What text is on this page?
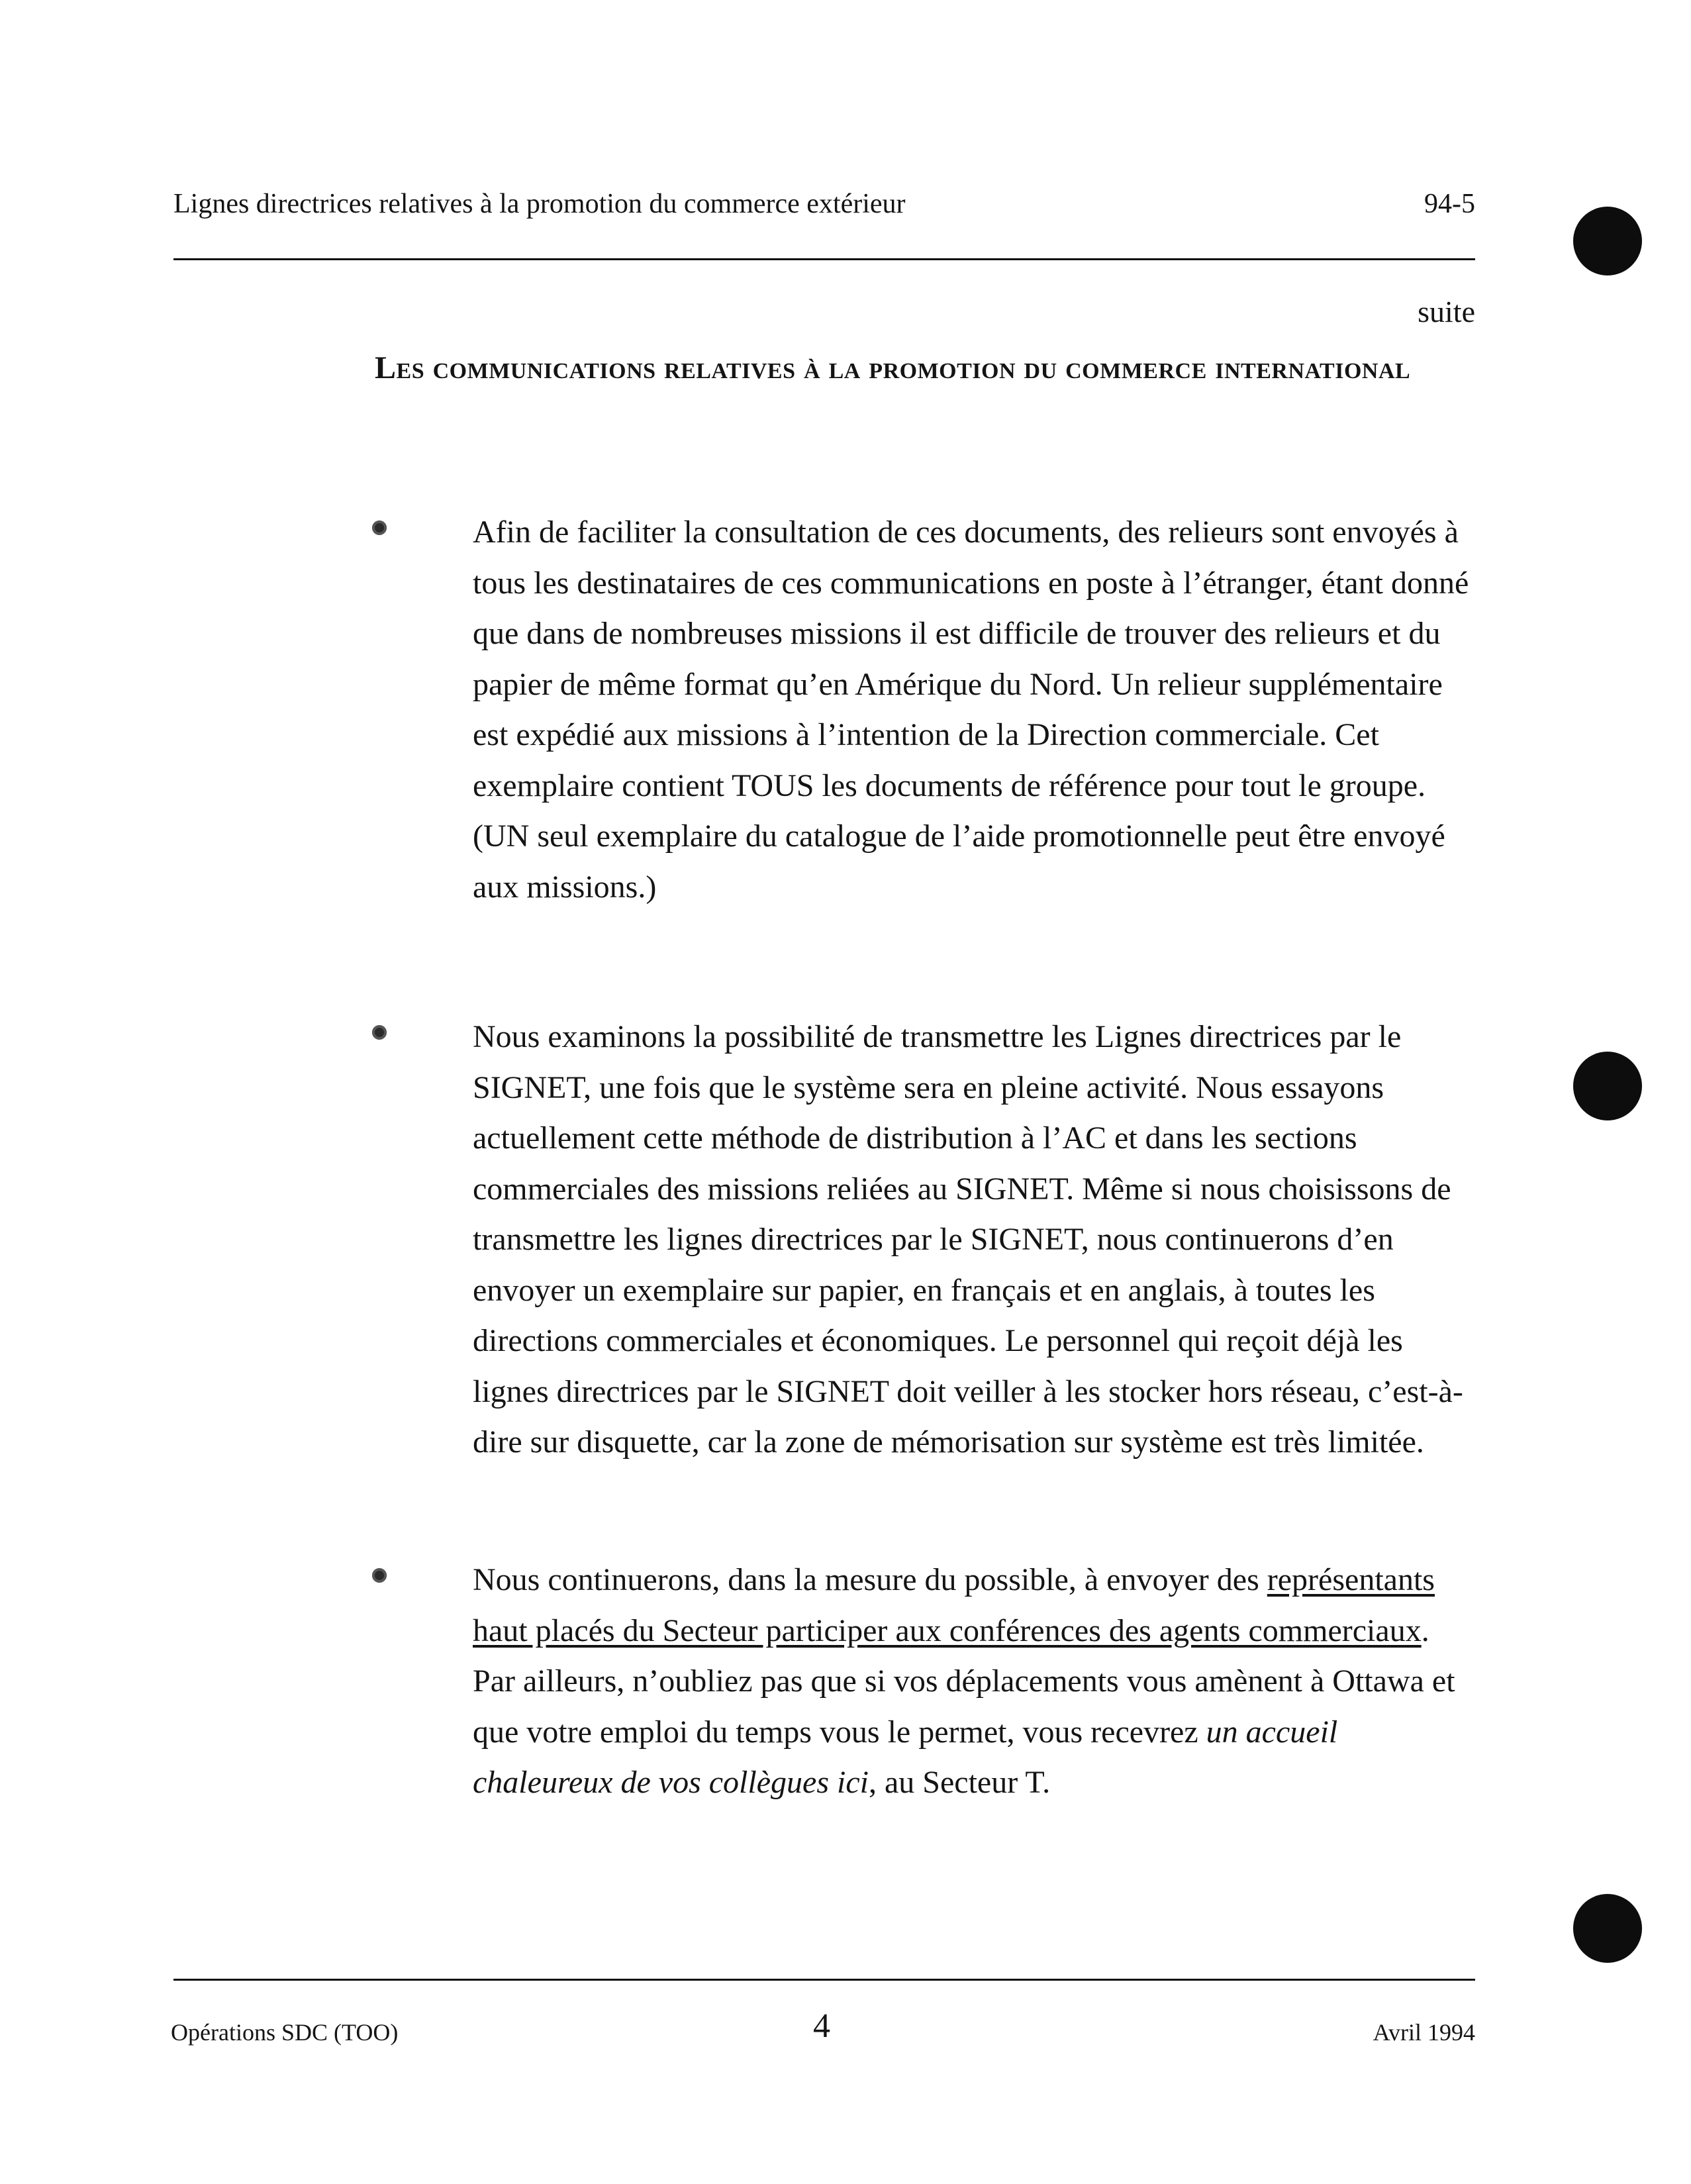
Lignes directrices relatives à la promotion du commerce extérieur	94-5
suite
Les communications relatives à la promotion du commerce international
Afin de faciliter la consultation de ces documents, des relieurs sont envoyés à tous les destinataires de ces communications en poste à l’étranger, étant donné que dans de nombreuses missions il est difficile de trouver des relieurs et du papier de même format qu’en Amérique du Nord. Un relieur supplémentaire est expédié aux missions à l’intention de la Direction commerciale. Cet exemplaire contient TOUS les documents de référence pour tout le groupe. (UN seul exemplaire du catalogue de l’aide promotionnelle peut être envoyé aux missions.)
Nous examinons la possibilité de transmettre les Lignes directrices par le SIGNET, une fois que le système sera en pleine activité. Nous essayons actuellement cette méthode de distribution à l’AC et dans les sections commerciales des missions reliées au SIGNET. Même si nous choisissons de transmettre les lignes directrices par le SIGNET, nous continuerons d’en envoyer un exemplaire sur papier, en français et en anglais, à toutes les directions commerciales et économiques. Le personnel qui reçoit déjà les lignes directrices par le SIGNET doit veiller à les stocker hors réseau, c’est-à-dire sur disquette, car la zone de mémorisation sur système est très limitée.
Nous continuerons, dans la mesure du possible, à envoyer des représentants haut placés du Secteur participer aux conférences des agents commerciaux. Par ailleurs, n’oubliez pas que si vos déplacements vous amènent à Ottawa et que votre emploi du temps vous le permet, vous recevrez un accueil chaleureux de vos collègues ici, au Secteur T.
Opérations SDC (TOO)	4	Avril 1994
